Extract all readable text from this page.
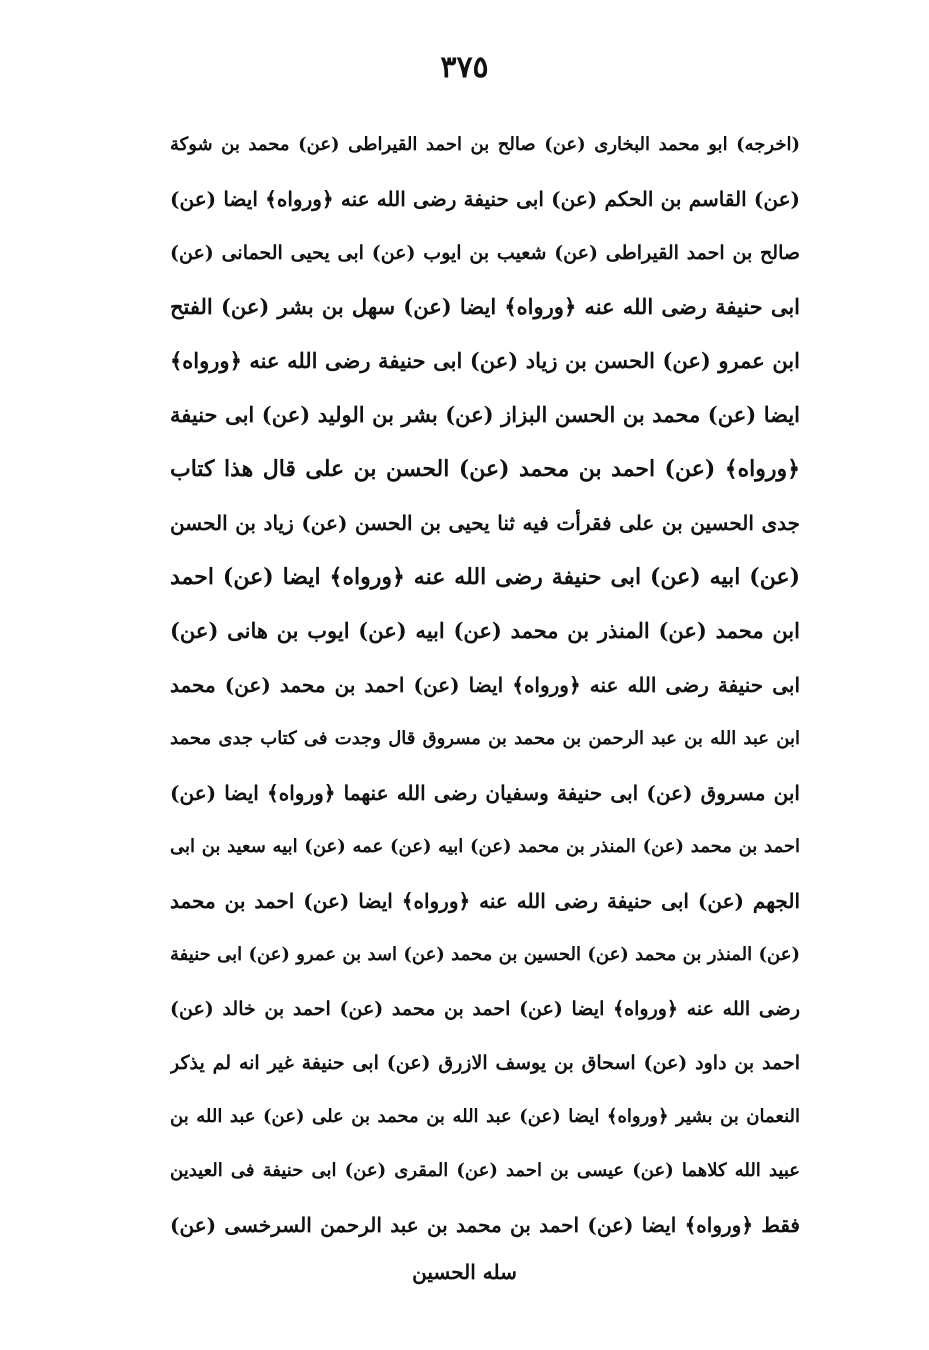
٣٧٥
(اخرجه) ابو محمد البخاری (عن) صالح بن احمد القیراطی (عن) محمد بن شوکة
(عن) القاسم بن الحکم (عن) ابی حنیفة رضی الله عنه ﴿ورواه﴾ ایضا (عن)
صالح بن احمد القیراطی (عن) شعیب بن ایوب (عن) ابی یحیی الحمانی (عن)
ابی حنیفة رضی الله عنه ﴿ورواه﴾ ایضا (عن) سهل بن بشر (عن) الفتح
ابن عمرو (عن) الحسن بن زیاد (عن) ابی حنیفة رضی الله عنه ﴿ورواه﴾
ایضا (عن) محمد بن الحسن البزاز (عن) بشر بن الولید (عن) ابی حنیفة
﴿ورواه﴾ (عن) احمد بن محمد (عن) الحسن بن علی قال هذا کتاب
جدی الحسین بن علی فقرأت فیه ثنا یحیی بن الحسن (عن) زیاد بن الحسن
(عن) ابیه (عن) ابی حنیفة رضی الله عنه ﴿ورواه﴾ ایضا (عن) احمد
ابن محمد (عن) المنذر بن محمد (عن) ابیه (عن) ایوب بن هانی (عن)
ابی حنیفة رضی الله عنه ﴿ورواه﴾ ایضا (عن) احمد بن محمد (عن) محمد
ابن عبد الله بن عبد الرحمن بن محمد بن مسروق قال وجدت فی کتاب جدی محمد
ابن مسروق (عن) ابی حنیفة وسفیان رضی الله عنهما ﴿ورواه﴾ ایضا (عن)
احمد بن محمد (عن) المنذر بن محمد (عن) ابیه (عن) عمه (عن) ابیه سعید بن ابی
الجهم (عن) ابی حنیفة رضی الله عنه ﴿ورواه﴾ ایضا (عن) احمد بن محمد
(عن) المنذر بن محمد (عن) الحسین بن محمد (عن) اسد بن عمرو (عن) ابی حنیفة
رضی الله عنه ﴿ورواه﴾ ایضا (عن) احمد بن محمد (عن) احمد بن خالد (عن)
احمد بن داود (عن) اسحاق بن یوسف الازرق (عن) ابی حنیفة غیر انه لم یذکر
النعمان بن بشیر ﴿ورواه﴾ ایضا (عن) عبد الله بن محمد بن علی (عن) عبد الله بن
عبید الله کلاهما (عن) عیسی بن احمد (عن) المقری (عن) ابی حنیفة فی العیدین
فقط ﴿ورواه﴾ ایضا (عن) احمد بن محمد بن عبد الرحمن السرخسی (عن)
سله الحسین
